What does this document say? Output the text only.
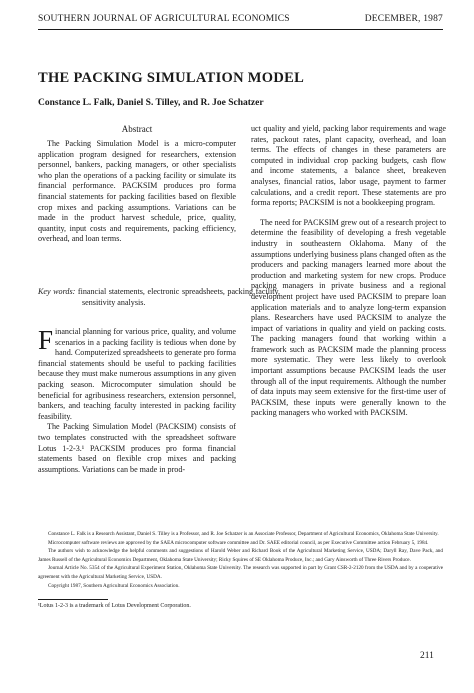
SOUTHERN JOURNAL OF AGRICULTURAL ECONOMICS	DECEMBER, 1987
THE PACKING SIMULATION MODEL
Constance L. Falk, Daniel S. Tilley, and R. Joe Schatzer
Abstract

The Packing Simulation Model is a micro-computer application program designed for researchers, extension personnel, bankers, packing managers, or other specialists who plan the operations of a packing facility or simulate its financial performance. PACKSIM produces pro forma financial statements for packing facilities based on flexible crop mixes and packing assumptions. Variations can be made in the product harvest schedule, price, quality, quantity, input costs and requirements, packing efficiency, overhead, and loan terms.

Key words: financial statements, electronic spreadsheets, packing facility, sensitivity analysis.

Financial planning for various price, quality, and volume scenarios in a packing facility is tedious when done by hand. Computerized spreadsheets to generate pro forma financial statements should be useful to packing facilities because they must make numerous assumptions in any given packing season. Microcomputer simulation should be beneficial for agribusiness researchers, extension personnel, bankers, and teaching faculty interested in packing facility feasibility.

The Packing Simulation Model (PACKSIM) consists of two templates constructed with the spreadsheet software Lotus 1-2-3.¹ PACKSIM produces pro forma financial statements based on flexible crop mixes and packing assumptions. Variations can be made in prod-

uct quality and yield, packing labor requirements and wage rates, packout rates, plant capacity, overhead, and loan terms. The effects of changes in these parameters are computed in individual crop packing budgets, cash flow and income statements, a balance sheet, breakeven analyses, financial ratios, labor usage, payment to farmer calculations, and a credit report. These statements are pro forma reports; PACKSIM is not a bookkeeping program.

The need for PACKSIM grew out of a research project to determine the feasibility of developing a fresh vegetable industry in southeastern Oklahoma. Many of the assumptions underlying business plans changed often as the producers and packing managers learned more about the production and marketing system for new crops. Produce packing managers in private business and a regional development project have used PACKSIM to prepare loan application materials and to analyze long-term expansion plans. Researchers have used PACKSIM to analyze the impact of variations in quality and yield on packing costs. The packing managers found that working within a framework such as PACKSIM made the planning process more systematic. They were less likely to overlook important assumptions because PACKSIM leads the user through all of the input requirements. Although the number of data inputs may seem extensive for the first-time user of PACKSIM, these inputs were generally known to the packing managers who worked with PACKSIM.

Constance L. Falk is a Research Assistant, Daniel S. Tilley is a Professor, and R. Joe Schatzer is an Associate Professor, Department of Agricultural Economics, Oklahoma State University.

Microcomputer software reviews are approved by the SAEA microcomputer software committee and Dr. SAEE editorial council, as per Executive Committee action February 5, 1984.

The authors wish to acknowledge the helpful comments and suggestions of Harold Weber and Richard Book of the Agricultural Marketing Service, USDA; Daryll Ray, Dave Pack, and James Russell of the Agricultural Economics Department, Oklahoma State University; Ricky Squires of SE Oklahoma Produce, Inc.; and Gary Ainsworth of Three Rivers Produce.

Journal Article No. 5354 of the Agricultural Experiment Station, Oklahoma State University. The research was supported in part by Grant CSR-2-2120 from the USDA and by a cooperative agreement with the Agricultural Marketing Service, USDA.

Copyright 1987, Southern Agricultural Economics Association.

¹Lotus 1-2-3 is a trademark of Lotus Development Corporation.
211
